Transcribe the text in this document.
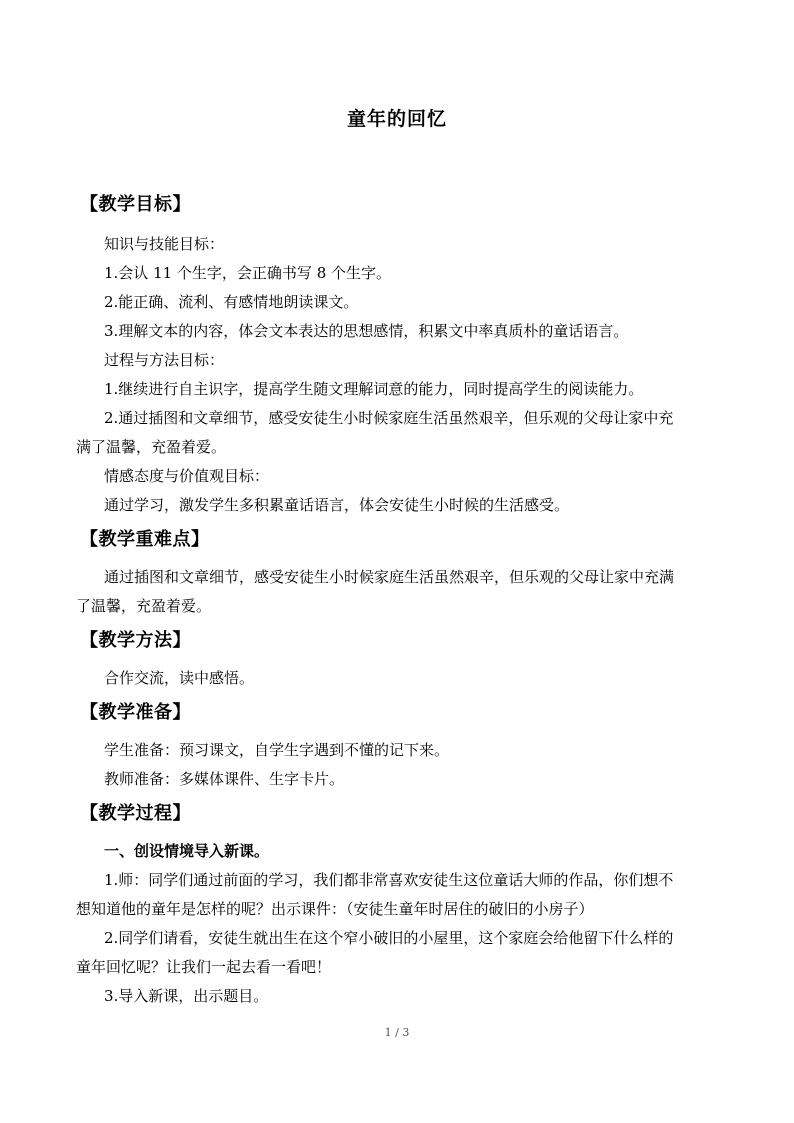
童年的回忆
【教学目标】
知识与技能目标：
1.会认 11 个生字，会正确书写 8 个生字。
2.能正确、流利、有感情地朗读课文。
3.理解文本的内容，体会文本表达的思想感情，积累文中率真质朴的童话语言。
过程与方法目标：
1.继续进行自主识字，提高学生随文理解词意的能力，同时提高学生的阅读能力。
2.通过插图和文章细节，感受安徒生小时候家庭生活虽然艰辛，但乐观的父母让家中充
满了温馨，充盈着爱。
情感态度与价值观目标：
通过学习，激发学生多积累童话语言，体会安徒生小时候的生活感受。
【教学重难点】
通过插图和文章细节，感受安徒生小时候家庭生活虽然艰辛，但乐观的父母让家中充满
了温馨，充盈着爱。
【教学方法】
合作交流，读中感悟。
【教学准备】
学生准备：预习课文，自学生字遇到不懂的记下来。
教师准备：多媒体课件、生字卡片。
【教学过程】
一、创设情境导入新课。
1.师：同学们通过前面的学习，我们都非常喜欢安徒生这位童话大师的作品，你们想不
想知道他的童年是怎样的呢？出示课件：（安徒生童年时居住的破旧的小房子）
2.同学们请看，安徒生就出生在这个窄小破旧的小屋里，这个家庭会给他留下什么样的
童年回忆呢？让我们一起去看一看吧！
3.导入新课，出示题目。
1 / 3
